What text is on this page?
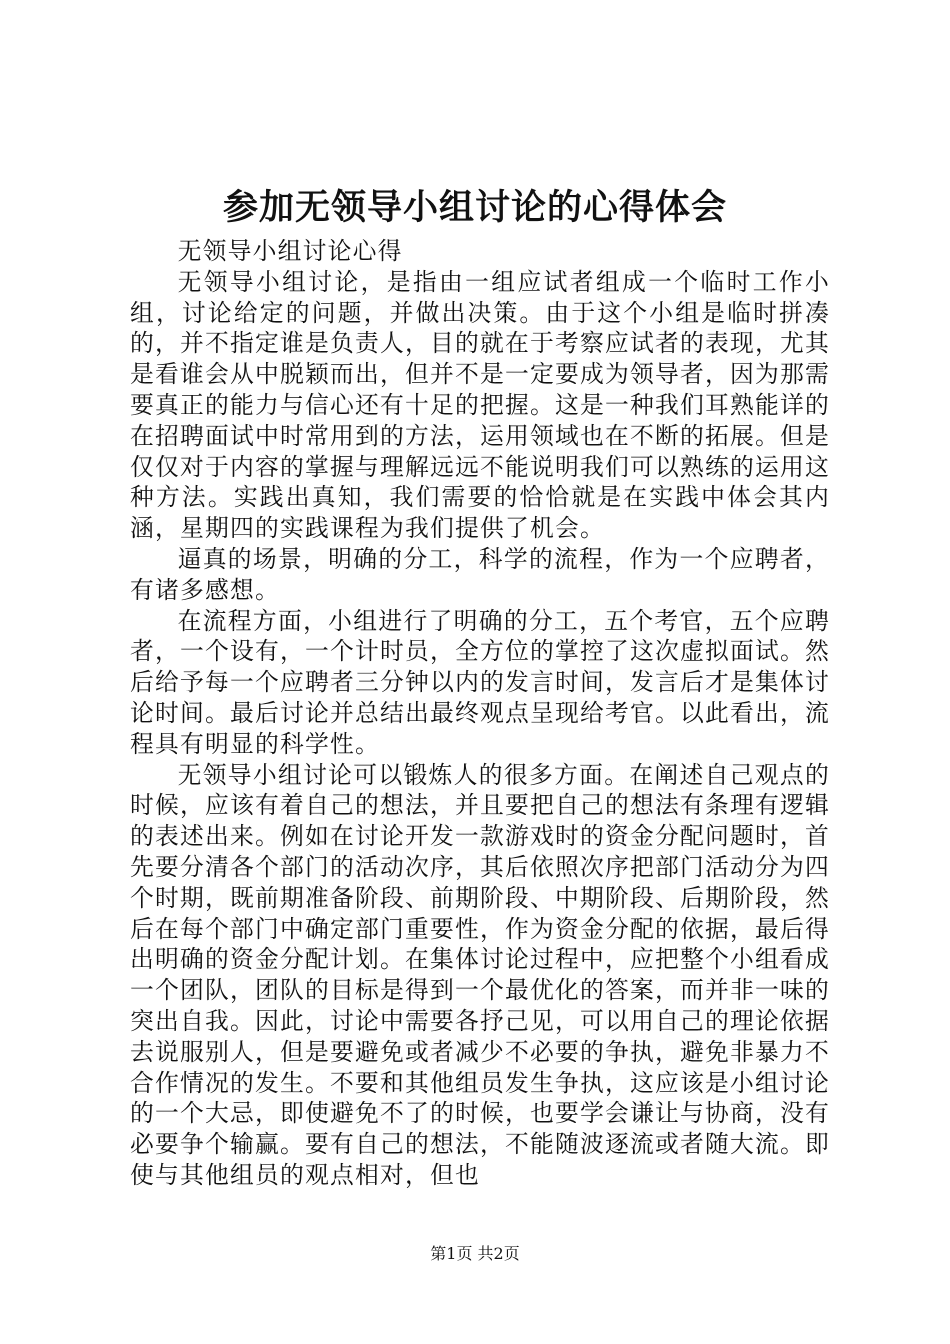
参加无领导小组讨论的心得体会

无领导小组讨论心得

无领导小组讨论，是指由一组应试者组成一个临时工作小组，讨论给定的问题，并做出决策。由于这个小组是临时拼凑的，并不指定谁是负责人，目的就在于考察应试者的表现，尤其是看谁会从中脱颖而出，但并不是一定要成为领导者，因为那需要真正的能力与信心还有十足的把握。这是一种我们耳熟能详的在招聘面试中时常用到的方法，运用领域也在不断的拓展。但是仅仅对于内容的掌握与理解远远不能说明我们可以熟练的运用这种方法。实践出真知，我们需要的恰恰就是在实践中体会其内涵，星期四的实践课程为我们提供了机会。

逼真的场景，明确的分工，科学的流程，作为一个应聘者，有诸多感想。

在流程方面，小组进行了明确的分工，五个考官，五个应聘者，一个设有，一个计时员，全方位的掌控了这次虚拟面试。然后给予每一个应聘者三分钟以内的发言时间，发言后才是集体讨论时间。最后讨论并总结出最终观点呈现给考官。以此看出，流程具有明显的科学性。

无领导小组讨论可以锻炼人的很多方面。在阐述自己观点的时候，应该有着自己的想法，并且要把自己的想法有条理有逻辑的表述出来。例如在讨论开发一款游戏时的资金分配问题时，首先要分清各个部门的活动次序，其后依照次序把部门活动分为四个时期，既前期准备阶段、前期阶段、中期阶段、后期阶段，然后在每个部门中确定部门重要性，作为资金分配的依据，最后得出明确的资金分配计划。在集体讨论过程中，应把整个小组看成一个团队，团队的目标是得到一个最优化的答案，而并非一味的突出自我。因此，讨论中需要各抒己见，可以用自己的理论依据去说服别人，但是要避免或者减少不必要的争执，避免非暴力不合作情况的发生。不要和其他组员发生争执，这应该是小组讨论的一个大忌，即使避免不了的时候，也要学会谦让与协商，没有必要争个输赢。要有自己的想法，不能随波逐流或者随大流。即使与其他组员的观点相对，但也

第1页 共2页
